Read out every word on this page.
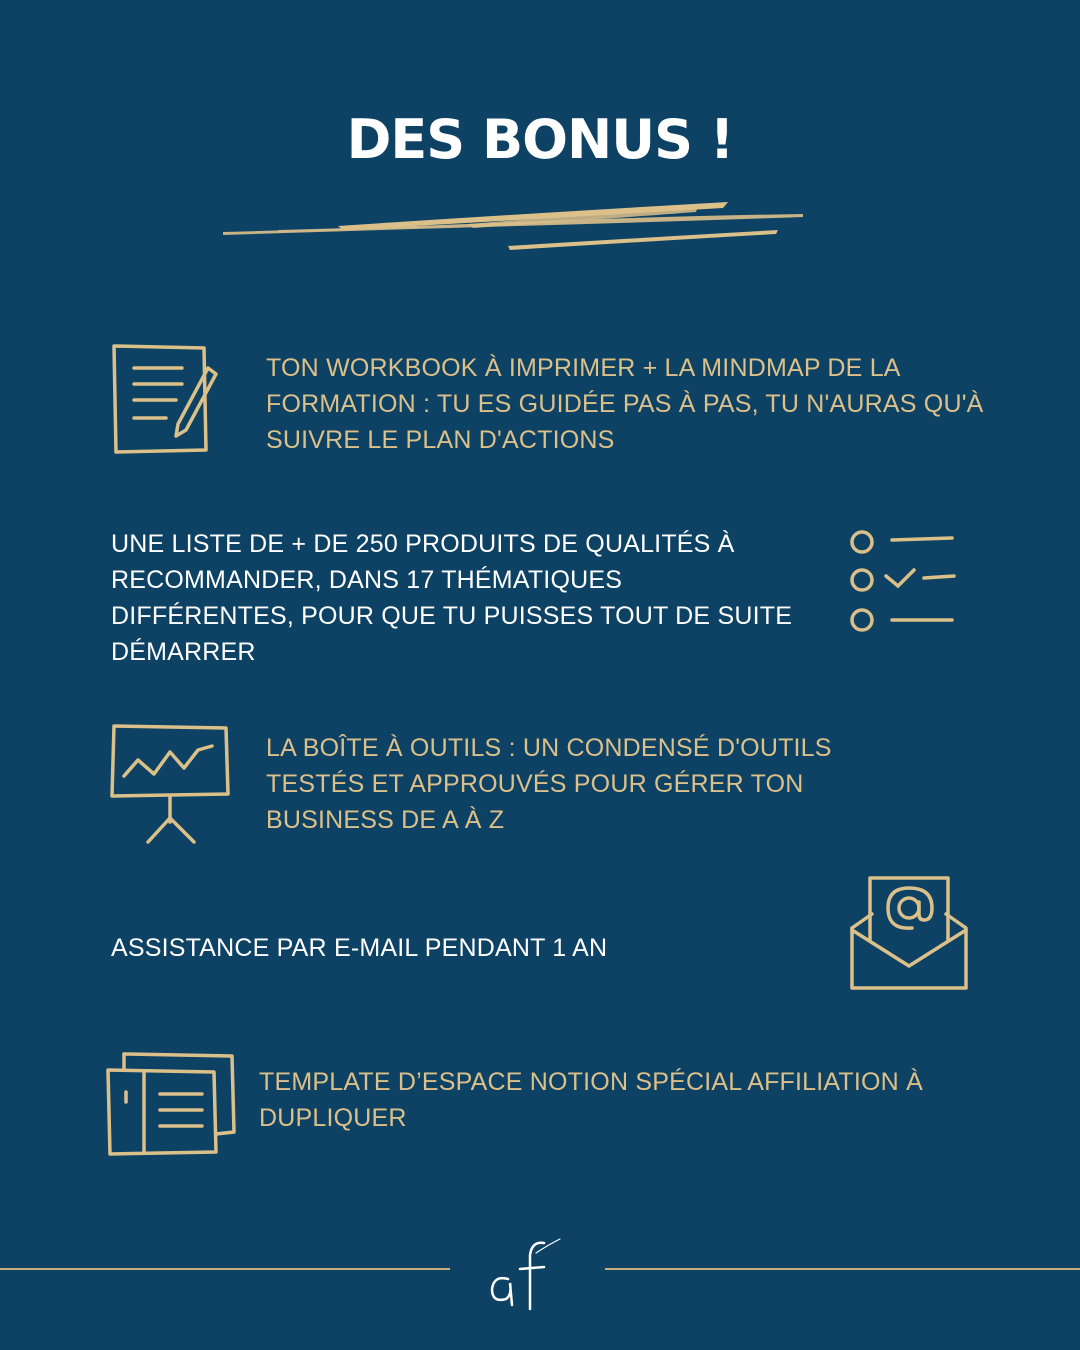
DES BONUS !

TON WORKBOOK À IMPRIMER + LA MINDMAP DE LA FORMATION : TU ES GUIDÉE PAS À PAS, TU N'AURAS QU'À SUIVRE LE PLAN D'ACTIONS

UNE LISTE DE + DE 250 PRODUITS DE QUALITÉS À RECOMMANDER, DANS 17 THÉMATIQUES DIFFÉRENTES, POUR QUE TU PUISSES TOUT DE SUITE DÉMARRER

LA BOÎTE À OUTILS : UN CONDENSÉ D'OUTILS TESTÉS ET APPROUVÉS POUR GÉRER TON BUSINESS DE A À Z

ASSISTANCE PAR E-MAIL PENDANT 1 AN

TEMPLATE D’ESPACE NOTION SPÉCIAL AFFILIATION À DUPLIQUER
